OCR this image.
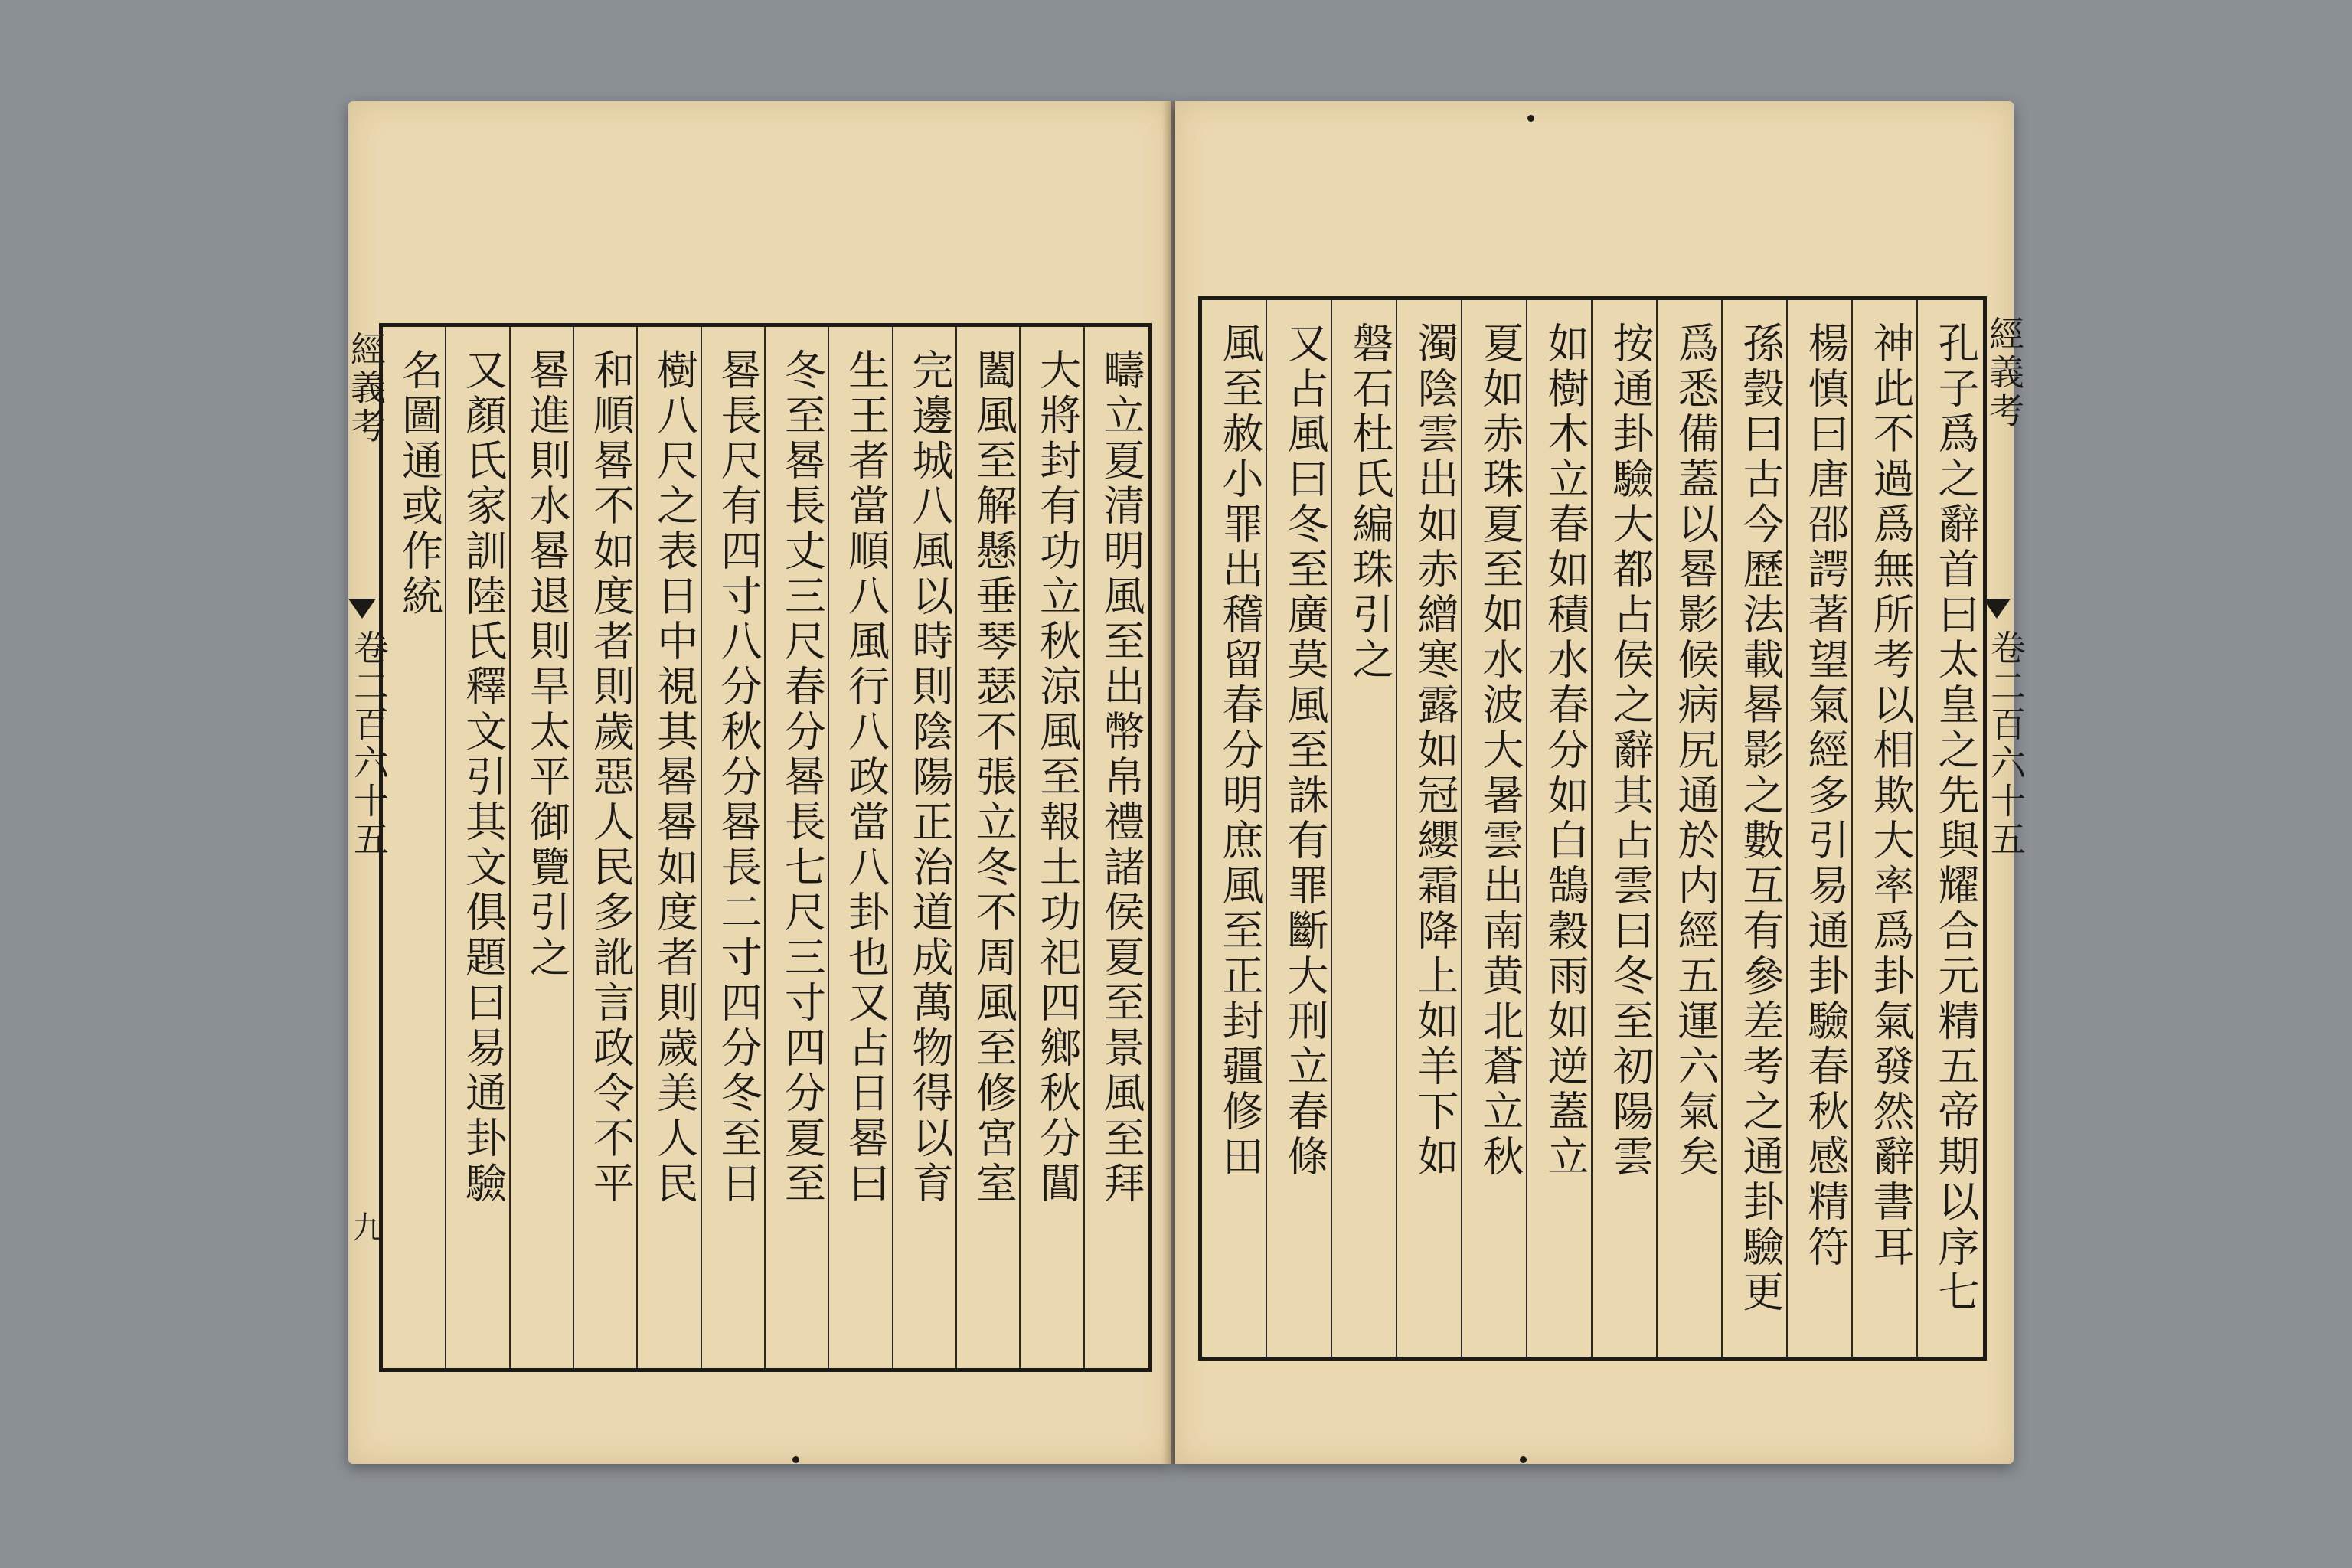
經義考
卷二百六十五
九
疇立夏清明風至出幣帛禮諸侯夏至景風至拜
大將封有功立秋涼風至報土功祀四鄉秋分閶
闔風至解懸垂琴瑟不張立冬不周風至修宮室
完邊城八風以時則陰陽正治道成萬物得以育
生王者當順八風行八政當八卦也又占日晷曰
冬至晷長丈三尺春分晷長七尺三寸四分夏至
晷長尺有四寸八分秋分晷長二寸四分冬至日
樹八尺之表日中視其晷晷如度者則歲美人民
和順晷不如度者則歲惡人民多訛言政令不平
晷進則水晷退則旱太平御覽引之
又顏氏家訓陸氏釋文引其文俱題曰易通卦驗
名圖通或作統	孔子爲之辭首曰太皇之先與耀合元精五帝期以序七
神此不過爲無所考以相欺大率爲卦氣發然辭書耳
楊慎曰唐邵諤著望氣經多引易通卦驗春秋感精符
孫瑴曰古今歷法載晷影之數互有參差考之通卦驗更
爲悉備蓋以晷影候病尻通於内經五運六氣矣
按通卦驗大都占侯之辭其占雲曰冬至初陽雲
如樹木立春如積水春分如白鵠穀雨如逆蓋立
夏如赤珠夏至如水波大暑雲出南黄北蒼立秋
濁陰雲出如赤繒寒露如冠纓霜降上如羊下如
磐石杜氏編珠引之
又占風曰冬至廣莫風至誅有罪斷大刑立春條
風至赦小罪出稽留春分明庶風至正封疆修田	經義考
卷二百六十五
